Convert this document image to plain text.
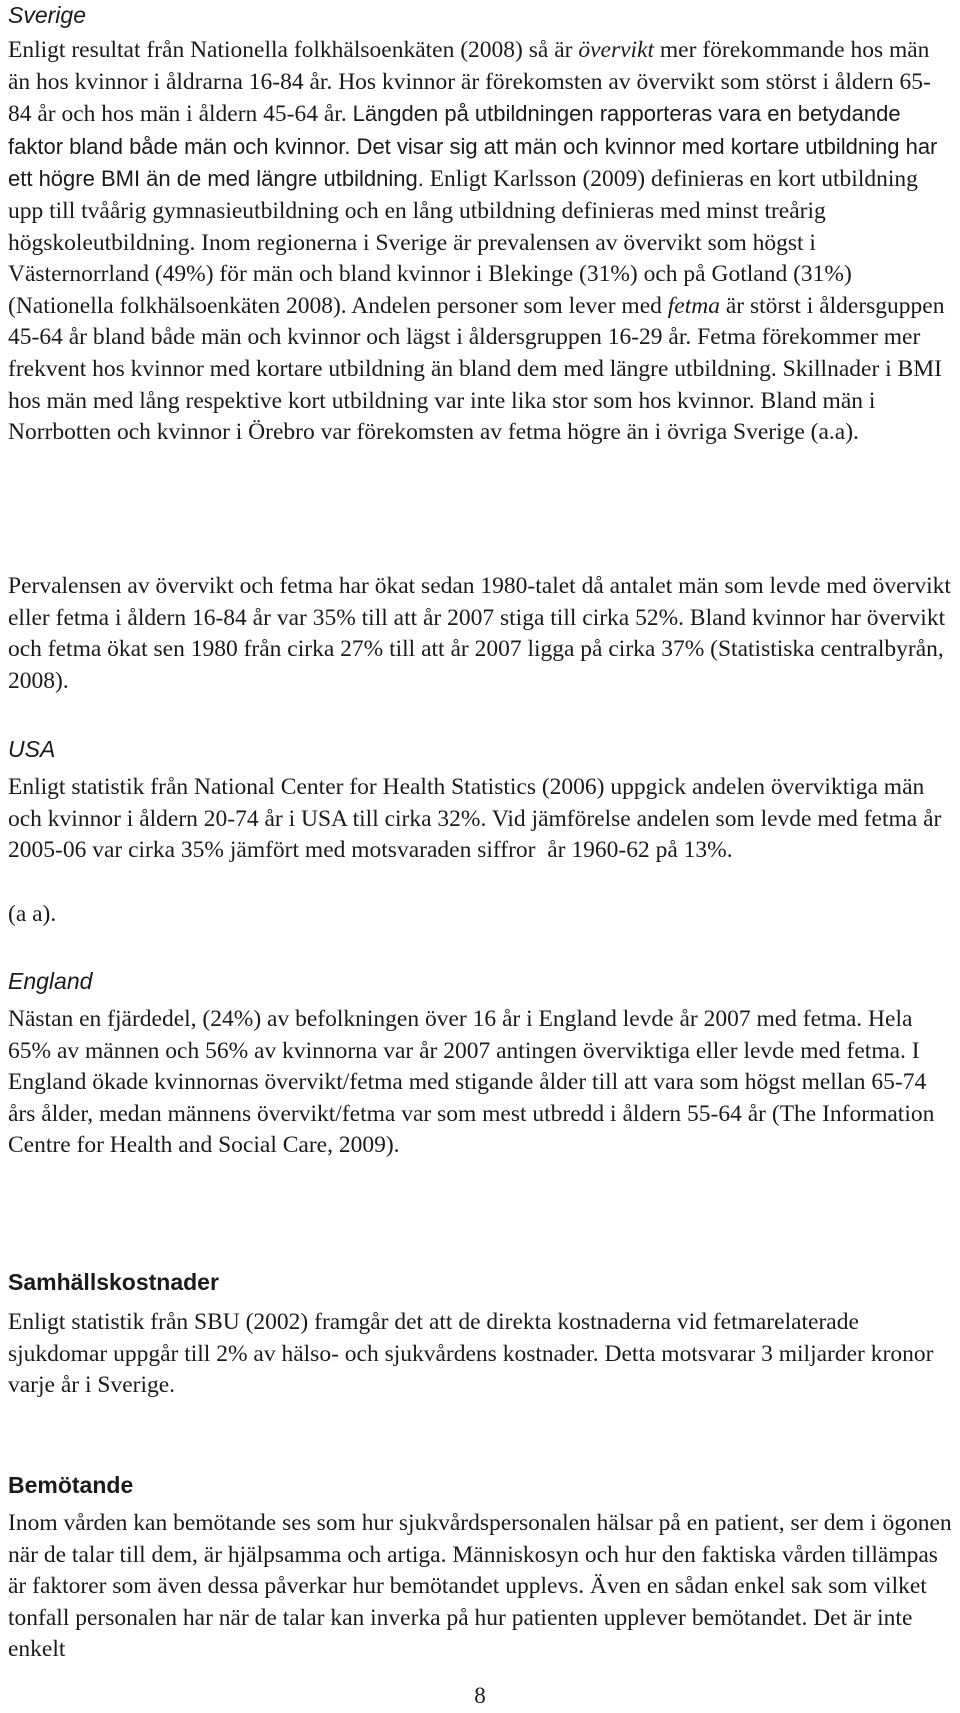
Sverige

Enligt resultat från Nationella folkhälsoenkäten (2008) så är övervikt mer förekommande hos män än hos kvinnor i åldrarna 16-84 år. Hos kvinnor är förekomsten av övervikt som störst i åldern 65-84 år och hos män i åldern 45-64 år. Längden på utbildningen rapporteras vara en betydande faktor bland både män och kvinnor. Det visar sig att män och kvinnor med kortare utbildning har ett högre BMI än de med längre utbildning. Enligt Karlsson (2009) definieras en kort utbildning upp till tvåårig gymnasieutbildning och en lång utbildning definieras med minst treårig högskoleutbildning. Inom regionerna i Sverige är prevalensen av övervikt som högst i Västernorrland (49%) för män och bland kvinnor i Blekinge (31%) och på Gotland (31%) (Nationella folkhälsoenkäten 2008). Andelen personer som lever med fetma är störst i åldersguppen 45-64 år bland både män och kvinnor och lägst i åldersgruppen 16-29 år. Fetma förekommer mer frekvent hos kvinnor med kortare utbildning än bland dem med längre utbildning. Skillnader i BMI hos män med lång respektive kort utbildning var inte lika stor som hos kvinnor. Bland män i Norrbotten och kvinnor i Örebro var förekomsten av fetma högre än i övriga Sverige (a.a).

Pervalensen av övervikt och fetma har ökat sedan 1980-talet då antalet män som levde med övervikt eller fetma i åldern 16-84 år var 35% till att år 2007 stiga till cirka 52%. Bland kvinnor har övervikt och fetma ökat sen 1980 från cirka 27% till att år 2007 ligga på cirka 37% (Statistiska centralbyrån, 2008).

USA

Enligt statistik från National Center for Health Statistics (2006) uppgick andelen överviktiga män och kvinnor i åldern 20-74 år i USA till cirka 32%. Vid jämförelse andelen som levde med fetma år 2005-06 var cirka 35% jämfört med motsvaraden siffror  år 1960-62 på 13%.

(a a).

England

Nästan en fjärdedel, (24%) av befolkningen över 16 år i England levde år 2007 med fetma. Hela 65% av männen och 56% av kvinnorna var år 2007 antingen överviktiga eller levde med fetma. I England ökade kvinnornas övervikt/fetma med stigande ålder till att vara som högst mellan 65-74 års ålder, medan männens övervikt/fetma var som mest utbredd i åldern 55-64 år (The Information Centre for Health and Social Care, 2009).

Samhällskostnader

Enligt statistik från SBU (2002) framgår det att de direkta kostnaderna vid fetmarelaterade sjukdomar uppgår till 2% av hälso- och sjukvårdens kostnader. Detta motsvarar 3 miljarder kronor varje år i Sverige.

Bemötande

Inom vården kan bemötande ses som hur sjukvårdspersonalen hälsar på en patient, ser dem i ögonen när de talar till dem, är hjälpsamma och artiga. Människosyn och hur den faktiska vården tillämpas är faktorer som även dessa påverkar hur bemötandet upplevs. Även en sådan enkel sak som vilket tonfall personalen har när de talar kan inverka på hur patienten upplever bemötandet. Det är inte enkelt

8
